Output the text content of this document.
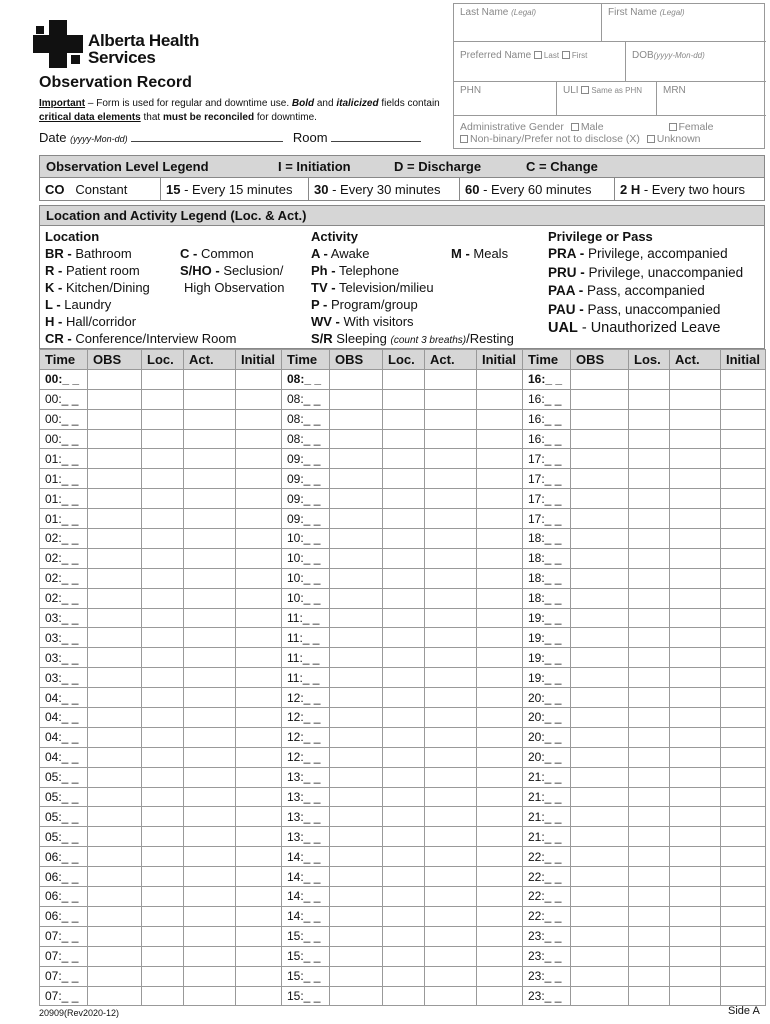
Alberta Health
Services
Observation Record
Important – Form is used for regular and downtime use. Bold and italicized fields contain critical data elements that must be reconciled for downtime.
Date (yyyy-Mon-dd)	Room
Last Name (Legal)	First Name (Legal)
Preferred Name Last First	DOB(yyyy-Mon-dd)
PHN	ULI Same as PHN	MRN
Administrative Gender Male	Female
Non-binary/Prefer not to disclose (X) Unknown
Observation Level Legend	I = Initiation	D = Discharge	C = Change
CO Constant	15 - Every 15 minutes	30 - Every 30 minutes	60 - Every 60 minutes	2 H - Every two hours
Location and Activity Legend (Loc. & Act.)
Location
BR - Bathroom
R - Patient room
K - Kitchen/Dining
L - Laundry
H - Hall/corridor
CR - Conference/Interview Room
C - Common
S/HO - Seclusion/
High Observation
Activity
A - Awake
Ph - Telephone
TV - Television/milieu
P - Program/group
WV - With visitors
S/R Sleeping (count 3 breaths)/Resting
M - Meals
Privilege or Pass
PRA - Privilege, accompanied
PRU - Privilege, unaccompanied
PAA - Pass, accompanied
PAU - Pass, unaccompanied
UAL - Unauthorized Leave
Time	OBS	Loc.	Act.	Initial	Time	OBS	Loc.	Act.	Initial	Time	OBS	Los.	Act.	Initial
00:_ _					08:_ _					16:_ _				
00:_ _					08:_ _					16:_ _				
00:_ _					08:_ _					16:_ _				
00:_ _					08:_ _					16:_ _				
01:_ _					09:_ _					17:_ _				
01:_ _					09:_ _					17:_ _				
01:_ _					09:_ _					17:_ _				
01:_ _					09:_ _					17:_ _				
02:_ _					10:_ _					18:_ _				
02:_ _					10:_ _					18:_ _				
02:_ _					10:_ _					18:_ _				
02:_ _					10:_ _					18:_ _				
03:_ _					11:_ _					19:_ _				
03:_ _					11:_ _					19:_ _				
03:_ _					11:_ _					19:_ _				
03:_ _					11:_ _					19:_ _				
04:_ _					12:_ _					20:_ _				
04:_ _					12:_ _					20:_ _				
04:_ _					12:_ _					20:_ _				
04:_ _					12:_ _					20:_ _				
05:_ _					13:_ _					21:_ _				
05:_ _					13:_ _					21:_ _				
05:_ _					13:_ _					21:_ _				
05:_ _					13:_ _					21:_ _				
06:_ _					14:_ _					22:_ _				
06:_ _					14:_ _					22:_ _				
06:_ _					14:_ _					22:_ _				
06:_ _					14:_ _					22:_ _				
07:_ _					15:_ _					23:_ _				
07:_ _					15:_ _					23:_ _				
07:_ _					15:_ _					23:_ _				
07:_ _					15:_ _					23:_ _				
20909(Rev2020-12)	Side A
